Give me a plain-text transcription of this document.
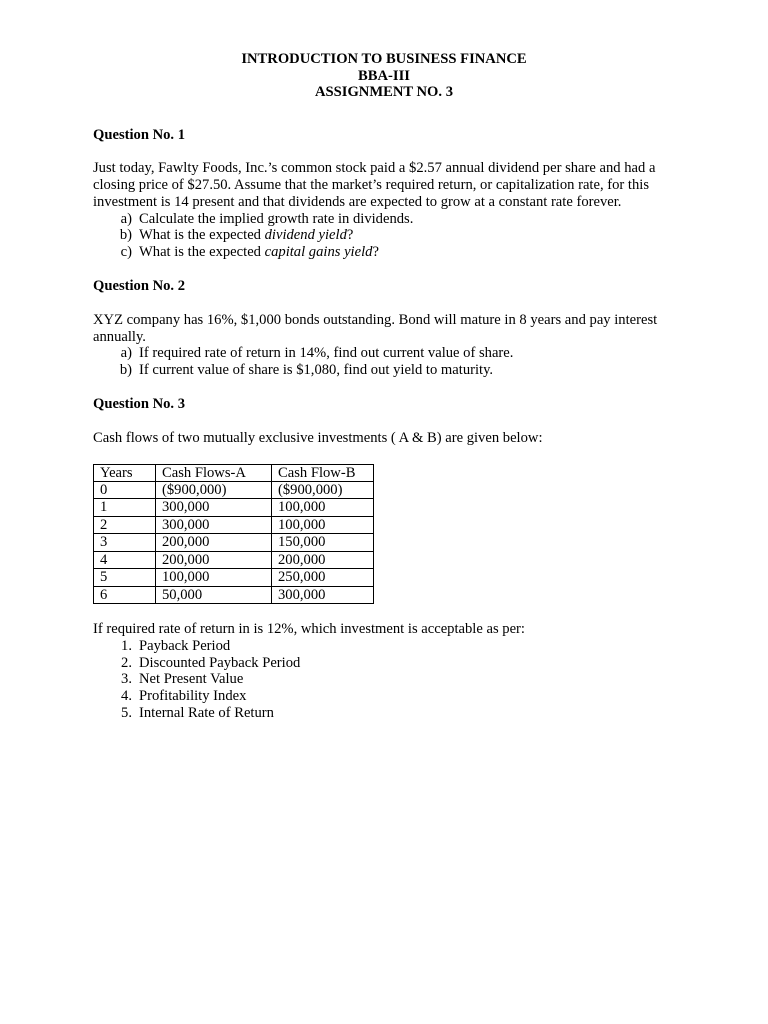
INTRODUCTION TO BUSINESS FINANCE
BBA-III
ASSIGNMENT NO. 3
Question No. 1

Just today, Fawlty Foods, Inc.’s common stock paid a $2.57 annual dividend per share and had a closing price of $27.50. Assume that the market’s required return, or capitalization rate, for this investment is 14 present and that dividends are expected to grow at a constant rate forever.

a) Calculate the implied growth rate in dividends.
b) What is the expected dividend yield?
c) What is the expected capital gains yield?
Question No. 2

XYZ company has 16%, $1,000 bonds outstanding. Bond will mature in 8 years and pay interest annually.

a) If required rate of return in 14%, find out current value of share.
b) If current value of share is $1,080, find out yield to maturity.
Question No. 3

Cash flows of two mutually exclusive investments ( A & B) are given below:

Years	Cash Flows-A	Cash Flow-B
0	($900,000)	($900,000)
1	300,000	100,000
2	300,000	100,000
3	200,000	150,000
4	200,000	200,000
5	100,000	250,000
6	50,000	300,000

If required rate of return in is 12%, which investment is acceptable as per:

1. Payback Period
2. Discounted Payback Period
3. Net Present Value
4. Profitability Index
5. Internal Rate of Return
